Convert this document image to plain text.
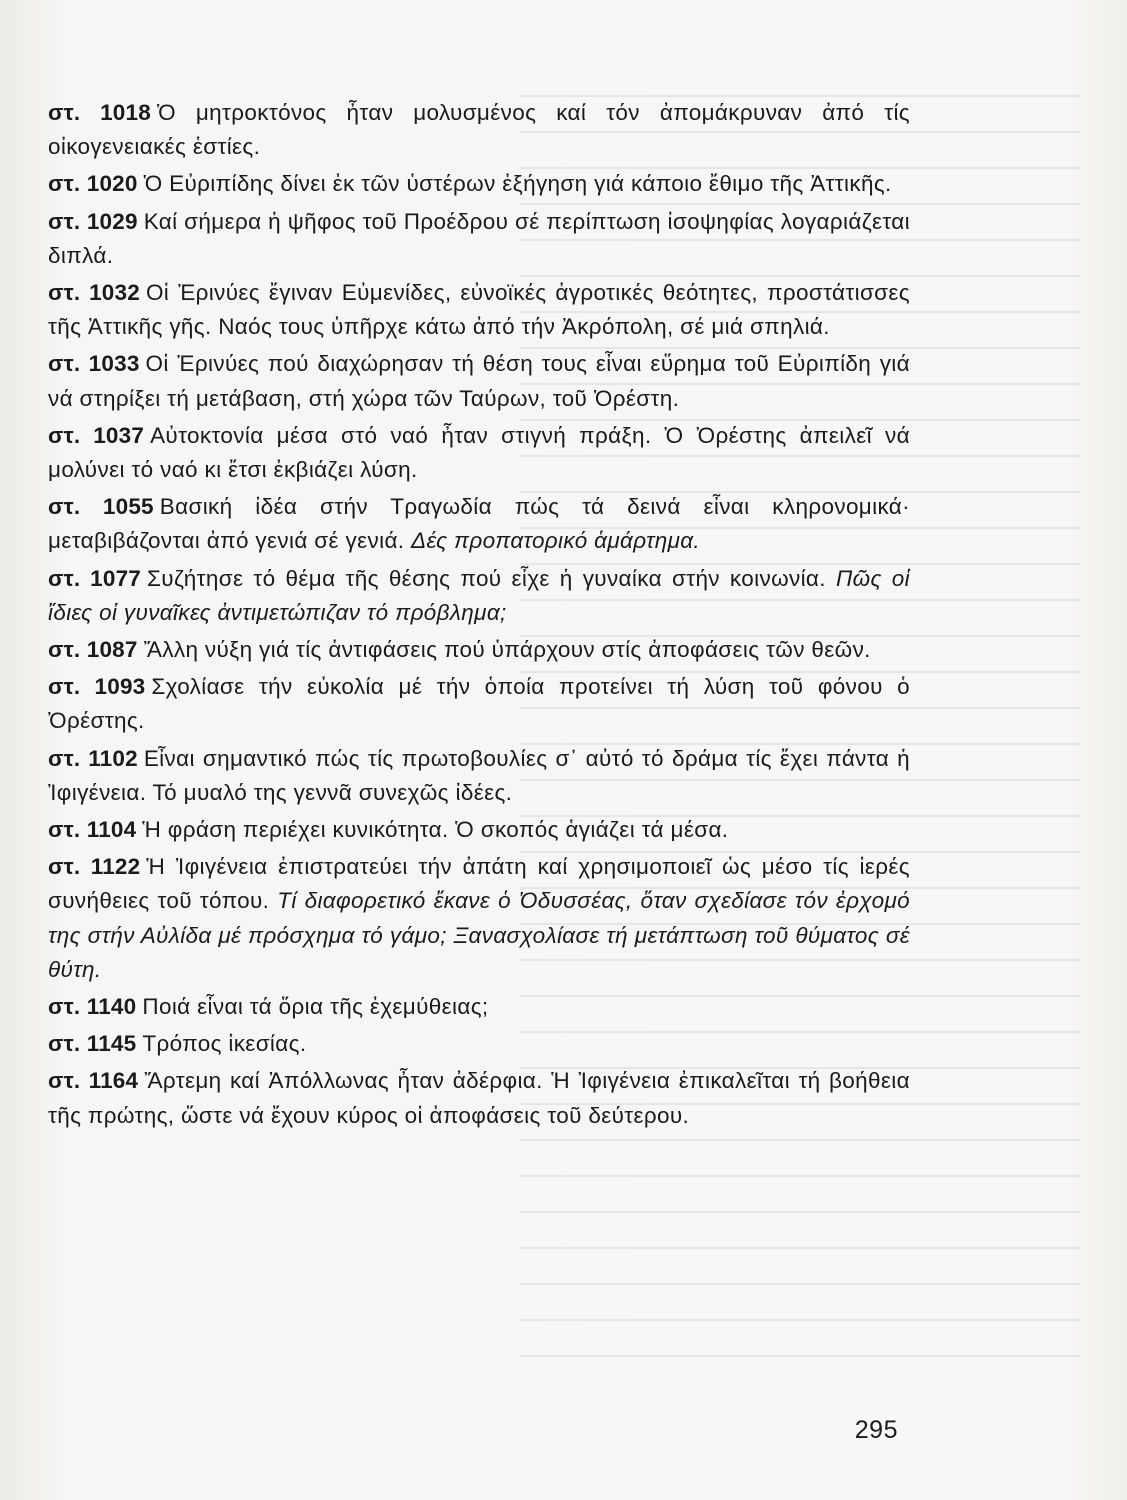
στ. 1018 Ὁ μητροκτόνος ἦταν μολυσμένος καί τόν ἀπομάκρυναν ἀπό τίς οἰκογενειακές ἑστίες.

στ. 1020 Ὁ Εὐριπίδης δίνει ἐκ τῶν ὑστέρων ἐξήγηση γιά κάποιο ἔθιμο τῆς Ἀττικῆς.

στ. 1029 Καί σήμερα ἡ ψῆφος τοῦ Προέδρου σέ περίπτωση ἰσοψηφίας λογαριάζεται διπλά.

στ. 1032 Οἱ Ἐρινύες ἔγιναν Εὐμενίδες, εὐνοϊκές ἀγροτικές θεότητες, προστάτισσες τῆς Ἀττικῆς γῆς. Ναός τους ὑπῆρχε κάτω ἀπό τήν Ἀκρόπολη, σέ μιά σπηλιά.

στ. 1033 Οἱ Ἐρινύες πού διαχώρησαν τή θέση τους εἶναι εὕρημα τοῦ Εὐριπίδη γιά νά στηρίξει τή μετάβαση, στή χώρα τῶν Ταύρων, τοῦ Ὀρέστη.

στ. 1037 Αὐτοκτονία μέσα στό ναό ἦταν στιγνή πράξη. Ὁ Ὀρέστης ἀπειλεῖ νά μολύνει τό ναό κι ἔτσι ἐκβιάζει λύση.

στ. 1055 Βασική ἰδέα στήν Τραγωδία πώς τά δεινά εἶναι κληρονομικά· μεταβιβάζονται ἀπό γενιά σέ γενιά. Δές προπατορικό ἁμάρτημα.

στ. 1077 Συζήτησε τό θέμα τῆς θέσης πού εἶχε ἡ γυναίκα στήν κοινωνία. Πῶς οἱ ἴδιες οἱ γυναῖκες ἀντιμετώπιζαν τό πρόβλημα;

στ. 1087 Ἄλλη νύξη γιά τίς ἀντιφάσεις πού ὑπάρχουν στίς ἀποφάσεις τῶν θεῶν.

στ. 1093 Σχολίασε τήν εὐκολία μέ τήν ὁποία προτείνει τή λύση τοῦ φόνου ὁ Ὀρέστης.

στ. 1102 Εἶναι σημαντικό πώς τίς πρωτοβουλίες σ᾽ αὐτό τό δράμα τίς ἔχει πάντα ἡ Ἰφιγένεια. Τό μυαλό της γεννᾶ συνεχῶς ἰδέες.

στ. 1104 Ἡ φράση περιέχει κυνικότητα. Ὁ σκοπός ἁγιάζει τά μέσα.

στ. 1122 Ἡ Ἰφιγένεια ἐπιστρατεύει τήν ἀπάτη καί χρησιμοποιεῖ ὡς μέσο τίς ἱερές συνήθειες τοῦ τόπου. Τί διαφορετικό ἔκανε ὁ Ὀδυσσέας, ὅταν σχεδίασε τόν ἐρχομό της στήν Αὐλίδα μέ πρόσχημα τό γάμο; Ξανασχολίασε τή μετάπτωση τοῦ θύματος σέ θύτη.

στ. 1140 Ποιά εἶναι τά ὅρια τῆς ἐχεμύθειας;

στ. 1145 Τρόπος ἱκεσίας.

στ. 1164 Ἄρτεμη καί Ἀπόλλωνας ἦταν ἀδέρφια. Ἡ Ἰφιγένεια ἐπικαλεῖται τή βοήθεια τῆς πρώτης, ὥστε νά ἔχουν κύρος οἱ ἀποφάσεις τοῦ δεύτερου.

295
